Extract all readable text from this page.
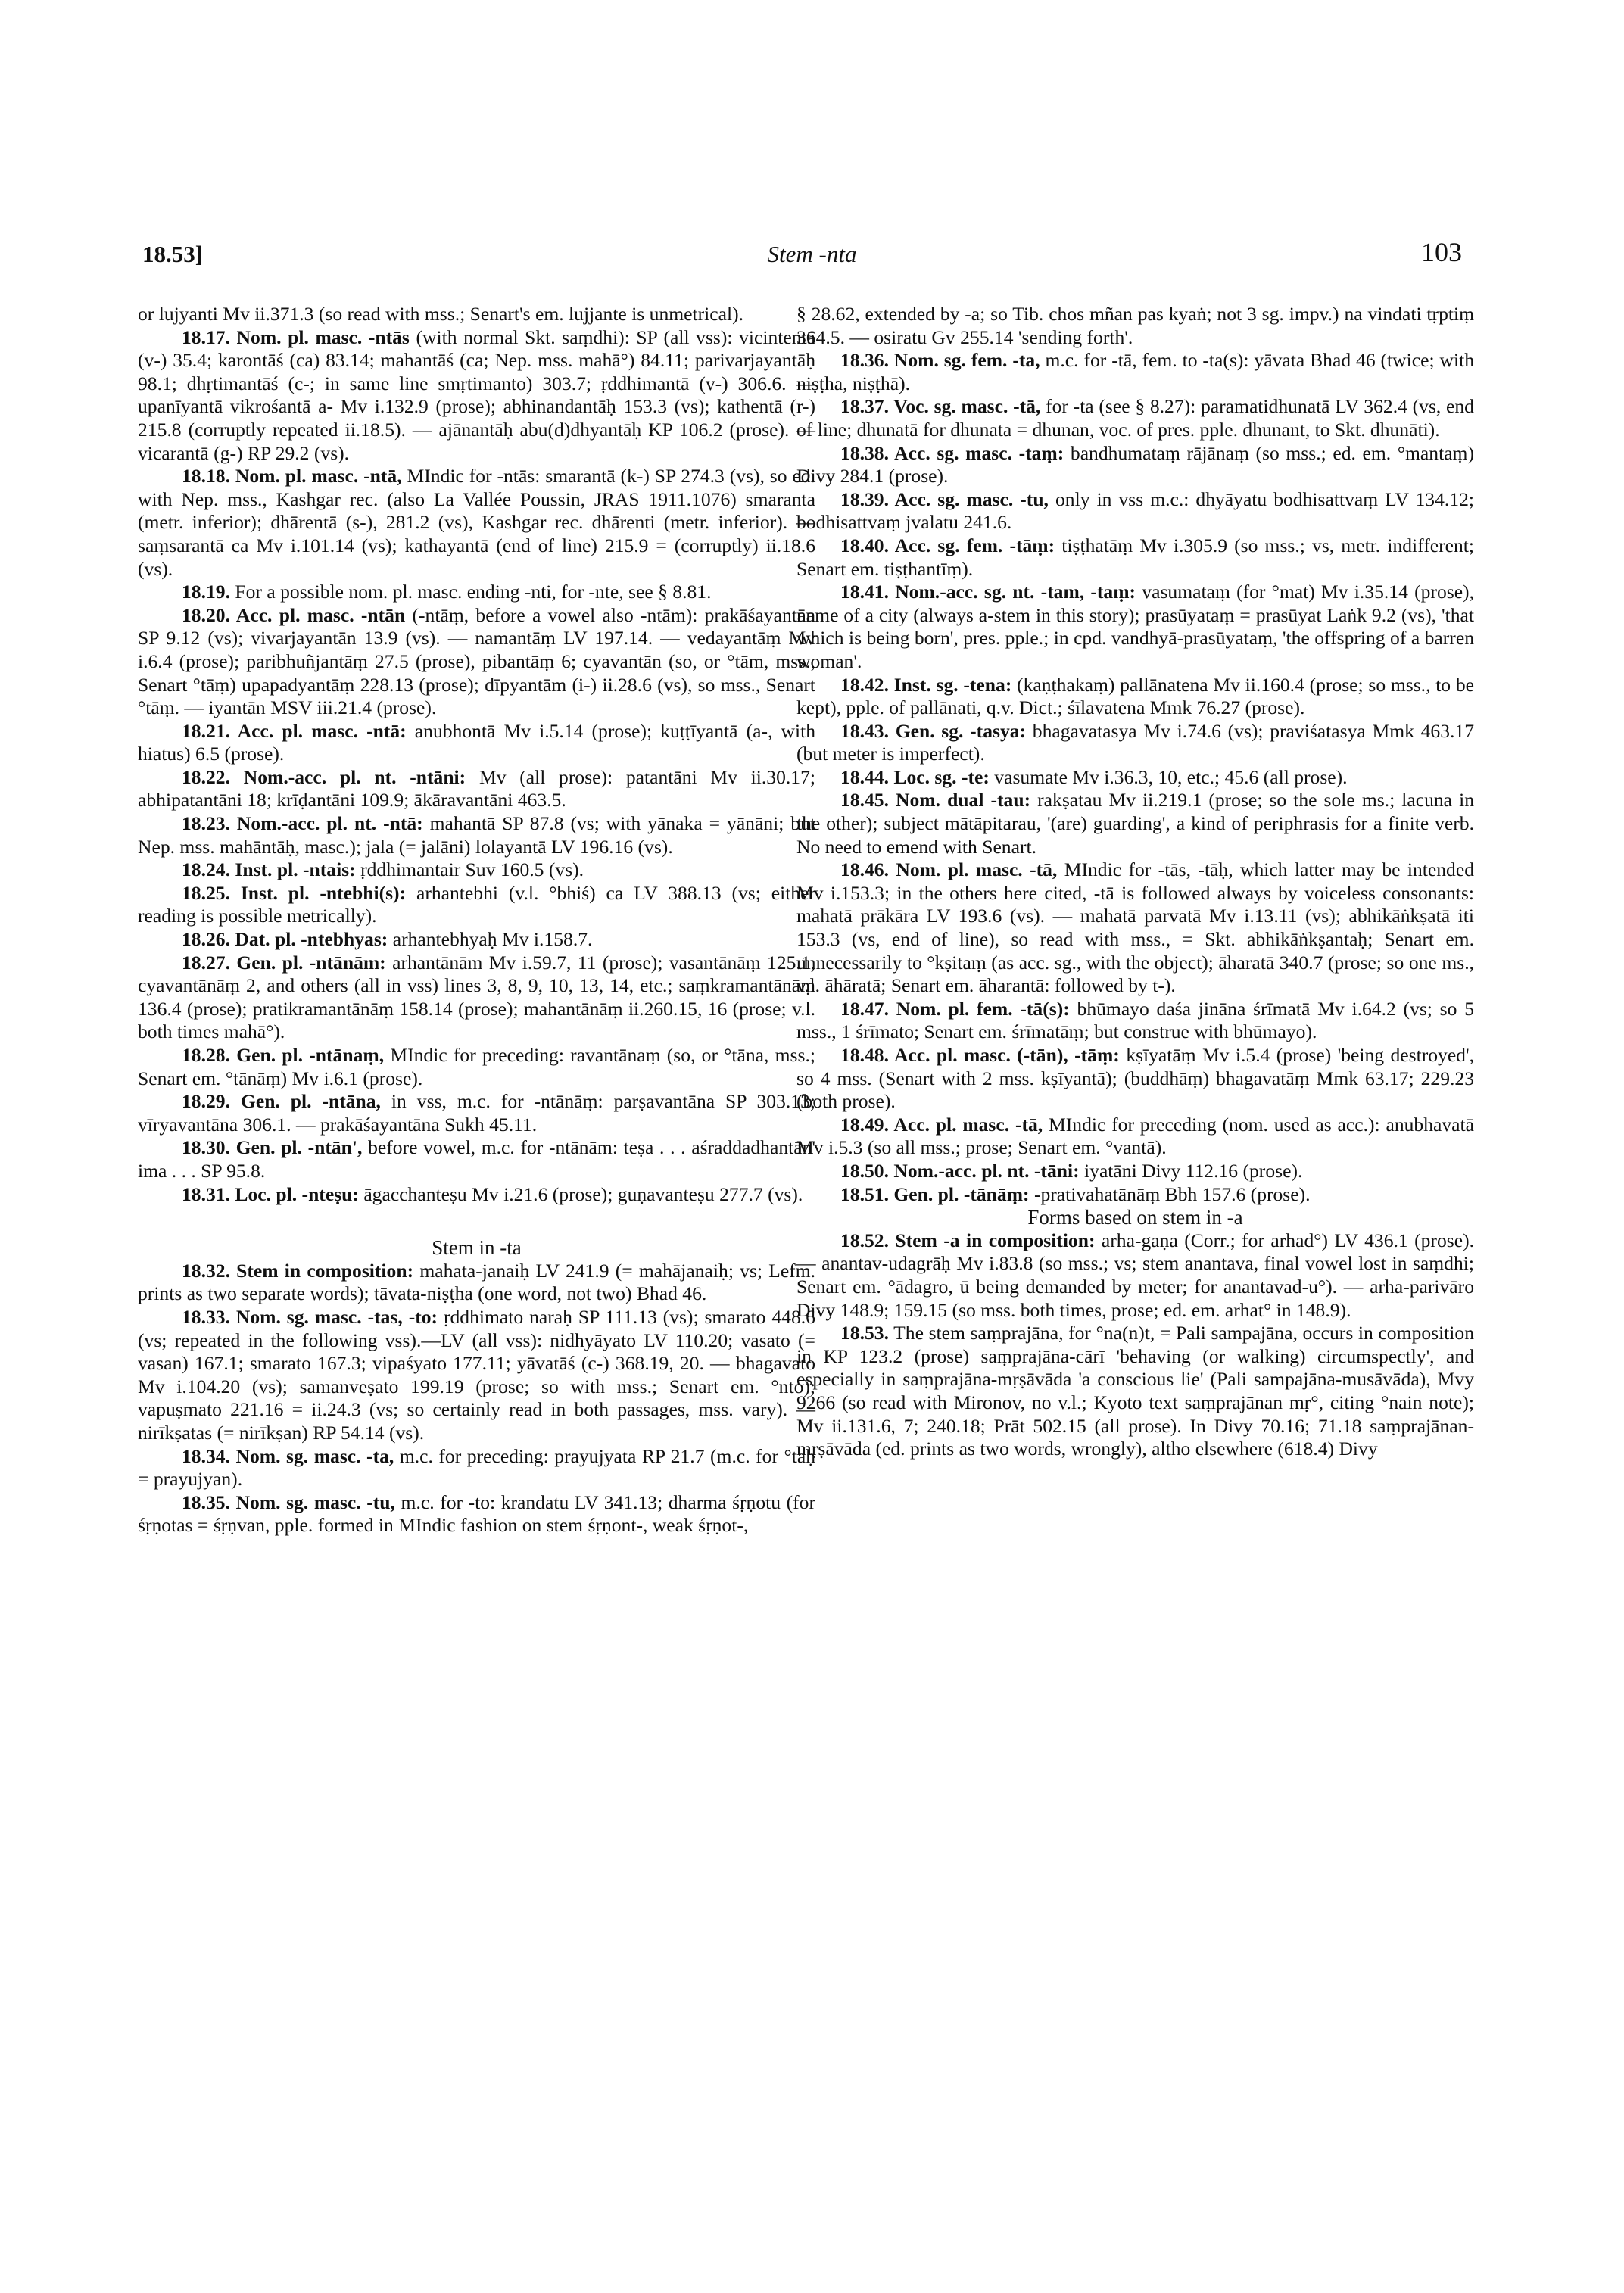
18.53]	Stem -nta	103

or lujyanti Mv ii.371.3 (so read with mss.; Senart's em. lujjante is unmetrical).

18.17. Nom. pl. masc. -ntās (with normal Skt. saṃdhi): SP (all vss): vicintentā (v-) 35.4; karontāś (ca) 83.14; mahantāś (ca; Nep. mss. mahā°) 84.11; parivarjayantāḥ 98.1; dhṛtimantāś (c-; in same line smṛtimanto) 303.7; ṛddhimantā (v-) 306.6. — upanīyantā vikrośantā a- Mv i.132.9 (prose); abhinandantāḥ 153.3 (vs); kathentā (r-) 215.8 (corruptly repeated ii.18.5). — ajānantāḥ abu(d)dhyantāḥ KP 106.2 (prose). — vicarantā (g-) RP 29.2 (vs).

18.18. Nom. pl. masc. -ntā, MIndic for -ntās: smarantā (k-) SP 274.3 (vs), so ed. with Nep. mss., Kashgar rec. (also La Vallée Poussin, JRAS 1911.1076) smaranta (metr. inferior); dhārentā (s-), 281.2 (vs), Kashgar rec. dhārenti (metr. inferior). — saṃsarantā ca Mv i.101.14 (vs); kathayantā (end of line) 215.9 = (corruptly) ii.18.6 (vs).

18.19. For a possible nom. pl. masc. ending -nti, for -nte, see § 8.81.

18.20. Acc. pl. masc. -ntān (-ntāṃ, before a vowel also -ntām): prakāśayantān SP 9.12 (vs); vivarjayantān 13.9 (vs). — namantāṃ LV 197.14. — vedayantāṃ Mv i.6.4 (prose); paribhuñjantāṃ 27.5 (prose), pibantāṃ 6; cyavantān (so, or °tām, mss., Senart °tāṃ) upapadyantāṃ 228.13 (prose); dīpyantām (i-) ii.28.6 (vs), so mss., Senart °tāṃ. — iyantān MSV iii.21.4 (prose).

18.21. Acc. pl. masc. -ntā: anubhontā Mv i.5.14 (prose); kuṭṭīyantā (a-, with hiatus) 6.5 (prose).

18.22. Nom.-acc. pl. nt. -ntāni: Mv (all prose): patantāni Mv ii.30.17; abhipatantāni 18; krīḍantāni 109.9; ākāravantāni 463.5.

18.23. Nom.-acc. pl. nt. -ntā: mahantā SP 87.8 (vs; with yānaka = yānāni; but Nep. mss. mahāntāḥ, masc.); jala (= jalāni) lolayantā LV 196.16 (vs).

18.24. Inst. pl. -ntais: ṛddhimantair Suv 160.5 (vs).

18.25. Inst. pl. -ntebhi(s): arhantebhi (v.l. °bhiś) ca LV 388.13 (vs; either reading is possible metrically).

18.26. Dat. pl. -ntebhyas: arhantebhyaḥ Mv i.158.7.

18.27. Gen. pl. -ntānām: arhantānām Mv i.59.7, 11 (prose); vasantānāṃ 125.1, cyavantānāṃ 2, and others (all in vss) lines 3, 8, 9, 10, 13, 14, etc.; saṃkramantānāṃ 136.4 (prose); pratikramantānāṃ 158.14 (prose); mahantānāṃ ii.260.15, 16 (prose; v.l. both times mahā°).

18.28. Gen. pl. -ntānaṃ, MIndic for preceding: ravantānaṃ (so, or °tāna, mss.; Senart em. °tānāṃ) Mv i.6.1 (prose).

18.29. Gen. pl. -ntāna, in vss, m.c. for -ntānāṃ: parṣavantāna SP 303.13; vīryavantāna 306.1. — prakāśayantāna Sukh 45.11.

18.30. Gen. pl. -ntān', before vowel, m.c. for -ntānām: teṣa . . . aśraddadhantān' ima . . . SP 95.8.

18.31. Loc. pl. -nteṣu: āgacchanteṣu Mv i.21.6 (prose); guṇavanteṣu 277.7 (vs).

Stem in -ta

18.32. Stem in composition: mahata-janaiḥ LV 241.9 (= mahājanaiḥ; vs; Lefm. prints as two separate words); tāvata-niṣṭha (one word, not two) Bhad 46.

18.33. Nom. sg. masc. -tas, -to: ṛddhimato naraḥ SP 111.13 (vs); smarato 448.6 (vs; repeated in the following vss).—LV (all vss): nidhyāyato LV 110.20; vasato (= vasan) 167.1; smarato 167.3; vipaśyato 177.11; yāvatāś (c-) 368.19, 20. — bhagavato Mv i.104.20 (vs); samanveṣato 199.19 (prose; so with mss.; Senart em. °nto); vapuṣmato 221.16 = ii.24.3 (vs; so certainly read in both passages, mss. vary). — nirīkṣatas (= nirīkṣan) RP 54.14 (vs).

18.34. Nom. sg. masc. -ta, m.c. for preceding: prayujyata RP 21.7 (m.c. for °taḥ = prayujyan).

18.35. Nom. sg. masc. -tu, m.c. for -to: krandatu LV 341.13; dharma śṛṇotu (for śṛṇotas = śṛṇvan, pple. formed in MIndic fashion on stem śṛṇont-, weak śṛṇot-,

§ 28.62, extended by -a; so Tib. chos mñan pas kyaṅ; not 3 sg. impv.) na vindati tṛptiṃ 364.5. — osiratu Gv 255.14 'sending forth'.

18.36. Nom. sg. fem. -ta, m.c. for -tā, fem. to -ta(s): yāvata Bhad 46 (twice; with niṣṭha, niṣṭhā).

18.37. Voc. sg. masc. -tā, for -ta (see § 8.27): paramatidhunatā LV 362.4 (vs, end of line; dhunatā for dhunata = dhunan, voc. of pres. pple. dhunant, to Skt. dhunāti).

18.38. Acc. sg. masc. -taṃ: bandhumataṃ rājānaṃ (so mss.; ed. em. °mantaṃ) Divy 284.1 (prose).

18.39. Acc. sg. masc. -tu, only in vss m.c.: dhyāyatu bodhisattvaṃ LV 134.12; bodhisattvaṃ jvalatu 241.6.

18.40. Acc. sg. fem. -tāṃ: tiṣṭhatāṃ Mv i.305.9 (so mss.; vs, metr. indifferent; Senart em. tiṣṭhantīṃ).

18.41. Nom.-acc. sg. nt. -tam, -taṃ: vasumataṃ (for °mat) Mv i.35.14 (prose), name of a city (always a-stem in this story); prasūyataṃ = prasūyat Laṅk 9.2 (vs), 'that which is being born', pres. pple.; in cpd. vandhyā-prasūyataṃ, 'the offspring of a barren woman'.

18.42. Inst. sg. -tena: (kaṇṭhakaṃ) pallānatena Mv ii.160.4 (prose; so mss., to be kept), pple. of pallānati, q.v. Dict.; śīlavatena Mmk 76.27 (prose).

18.43. Gen. sg. -tasya: bhagavatasya Mv i.74.6 (vs); praviśatasya Mmk 463.17 (but meter is imperfect).

18.44. Loc. sg. -te: vasumate Mv i.36.3, 10, etc.; 45.6 (all prose).

18.45. Nom. dual -tau: rakṣatau Mv ii.219.1 (prose; so the sole ms.; lacuna in the other); subject mātāpitarau, '(are) guarding', a kind of periphrasis for a finite verb. No need to emend with Senart.

18.46. Nom. pl. masc. -tā, MIndic for -tās, -tāḥ, which latter may be intended Mv i.153.3; in the others here cited, -tā is followed always by voiceless consonants: mahatā prākāra LV 193.6 (vs). — mahatā parvatā Mv i.13.11 (vs); abhikāṅkṣatā iti 153.3 (vs, end of line), so read with mss., = Skt. abhikāṅkṣantaḥ; Senart em. unnecessarily to °kṣitaṃ (as acc. sg., with the object); āharatā 340.7 (prose; so one ms., v.l. āhāratā; Senart em. āharantā: followed by t-).

18.47. Nom. pl. fem. -tā(s): bhūmayo daśa jināna śrīmatā Mv i.64.2 (vs; so 5 mss., 1 śrīmato; Senart em. śrīmatāṃ; but construe with bhūmayo).

18.48. Acc. pl. masc. (-tān), -tāṃ: kṣīyatāṃ Mv i.5.4 (prose) 'being destroyed', so 4 mss. (Senart with 2 mss. kṣīyantā); (buddhāṃ) bhagavatāṃ Mmk 63.17; 229.23 (both prose).

18.49. Acc. pl. masc. -tā, MIndic for preceding (nom. used as acc.): anubhavatā Mv i.5.3 (so all mss.; prose; Senart em. °vantā).

18.50. Nom.-acc. pl. nt. -tāni: iyatāni Divy 112.16 (prose).

18.51. Gen. pl. -tānāṃ: -prativahatānāṃ Bbh 157.6 (prose).

Forms based on stem in -a

18.52. Stem -a in composition: arha-gaṇa (Corr.; for arhad°) LV 436.1 (prose). — anantav-udagrāḥ Mv i.83.8 (so mss.; vs; stem anantava, final vowel lost in saṃdhi; Senart em. °ādagro, ū being demanded by meter; for anantavad-u°). — arha-parivāro Divy 148.9; 159.15 (so mss. both times, prose; ed. em. arhat° in 148.9).

18.53. The stem saṃprajāna, for °na(n)t, = Pali sampajāna, occurs in composition in KP 123.2 (prose) saṃprajāna-cārī 'behaving (or walking) circumspectly', and especially in saṃprajāna-mṛṣāvāda 'a conscious lie' (Pali sampajāna-musāvāda), Mvy 9266 (so read with Mironov, no v.l.; Kyoto text saṃprajānan mṛ°, citing °nain note); Mv ii.131.6, 7; 240.18; Prāt 502.15 (all prose). In Divy 70.16; 71.18 saṃprajānan-mṛṣāvāda (ed. prints as two words, wrongly), altho elsewhere (618.4) Divy
